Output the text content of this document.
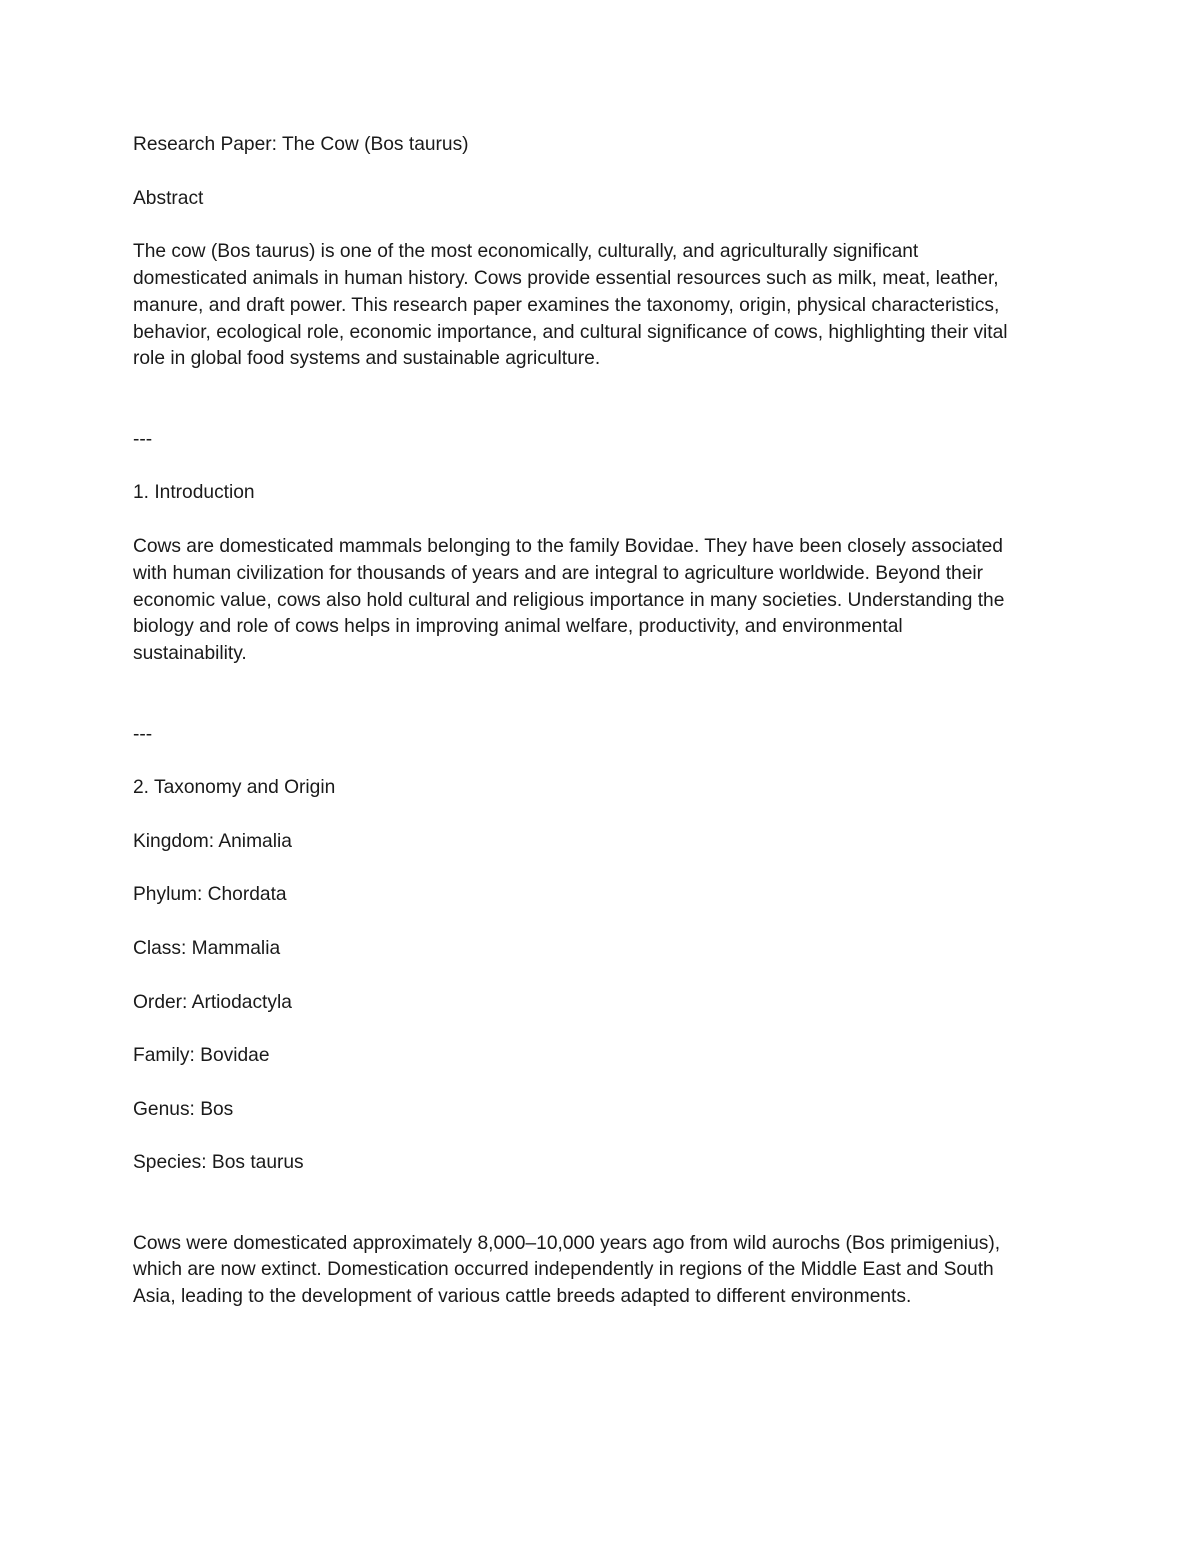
Research Paper: The Cow (Bos taurus)

Abstract

The cow (Bos taurus) is one of the most economically, culturally, and agriculturally significant domesticated animals in human history. Cows provide essential resources such as milk, meat, leather, manure, and draft power. This research paper examines the taxonomy, origin, physical characteristics, behavior, ecological role, economic importance, and cultural significance of cows, highlighting their vital role in global food systems and sustainable agriculture.

---

1. Introduction

Cows are domesticated mammals belonging to the family Bovidae. They have been closely associated with human civilization for thousands of years and are integral to agriculture worldwide. Beyond their economic value, cows also hold cultural and religious importance in many societies. Understanding the biology and role of cows helps in improving animal welfare, productivity, and environmental sustainability.

---

2. Taxonomy and Origin

Kingdom: Animalia
Phylum: Chordata
Class: Mammalia
Order: Artiodactyla
Family: Bovidae
Genus: Bos
Species: Bos taurus

Cows were domesticated approximately 8,000–10,000 years ago from wild aurochs (Bos primigenius), which are now extinct. Domestication occurred independently in regions of the Middle East and South Asia, leading to the development of various cattle breeds adapted to different environments.
